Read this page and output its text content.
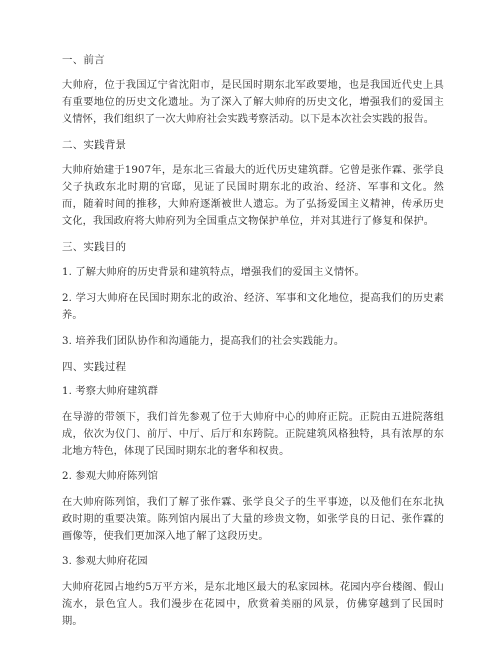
一、前言
大帅府，位于我国辽宁省沈阳市，是民国时期东北军政要地，也是我国近代史上具有重要地位的历史文化遗址。为了深入了解大帅府的历史文化，增强我们的爱国主义情怀，我们组织了一次大帅府社会实践考察活动。以下是本次社会实践的报告。
二、实践背景
大帅府始建于1907年，是东北三省最大的近代历史建筑群。它曾是张作霖、张学良父子执政东北时期的官邸，见证了民国时期东北的政治、经济、军事和文化。然而，随着时间的推移，大帅府逐渐被世人遗忘。为了弘扬爱国主义精神，传承历史文化，我国政府将大帅府列为全国重点文物保护单位，并对其进行了修复和保护。
三、实践目的
1. 了解大帅府的历史背景和建筑特点，增强我们的爱国主义情怀。
2. 学习大帅府在民国时期东北的政治、经济、军事和文化地位，提高我们的历史素养。
3. 培养我们团队协作和沟通能力，提高我们的社会实践能力。
四、实践过程
1. 考察大帅府建筑群
在导游的带领下，我们首先参观了位于大帅府中心的帅府正院。正院由五进院落组成，依次为仪门、前厅、中厅、后厅和东跨院。正院建筑风格独特，具有浓厚的东北地方特色，体现了民国时期东北的奢华和权贵。
2. 参观大帅府陈列馆
在大帅府陈列馆，我们了解了张作霖、张学良父子的生平事迹，以及他们在东北执政时期的重要决策。陈列馆内展出了大量的珍贵文物，如张学良的日记、张作霖的画像等，使我们更加深入地了解了这段历史。
3. 参观大帅府花园
大帅府花园占地约5万平方米，是东北地区最大的私家园林。花园内亭台楼阁、假山流水，景色宜人。我们漫步在花园中，欣赏着美丽的风景，仿佛穿越到了民国时期。
